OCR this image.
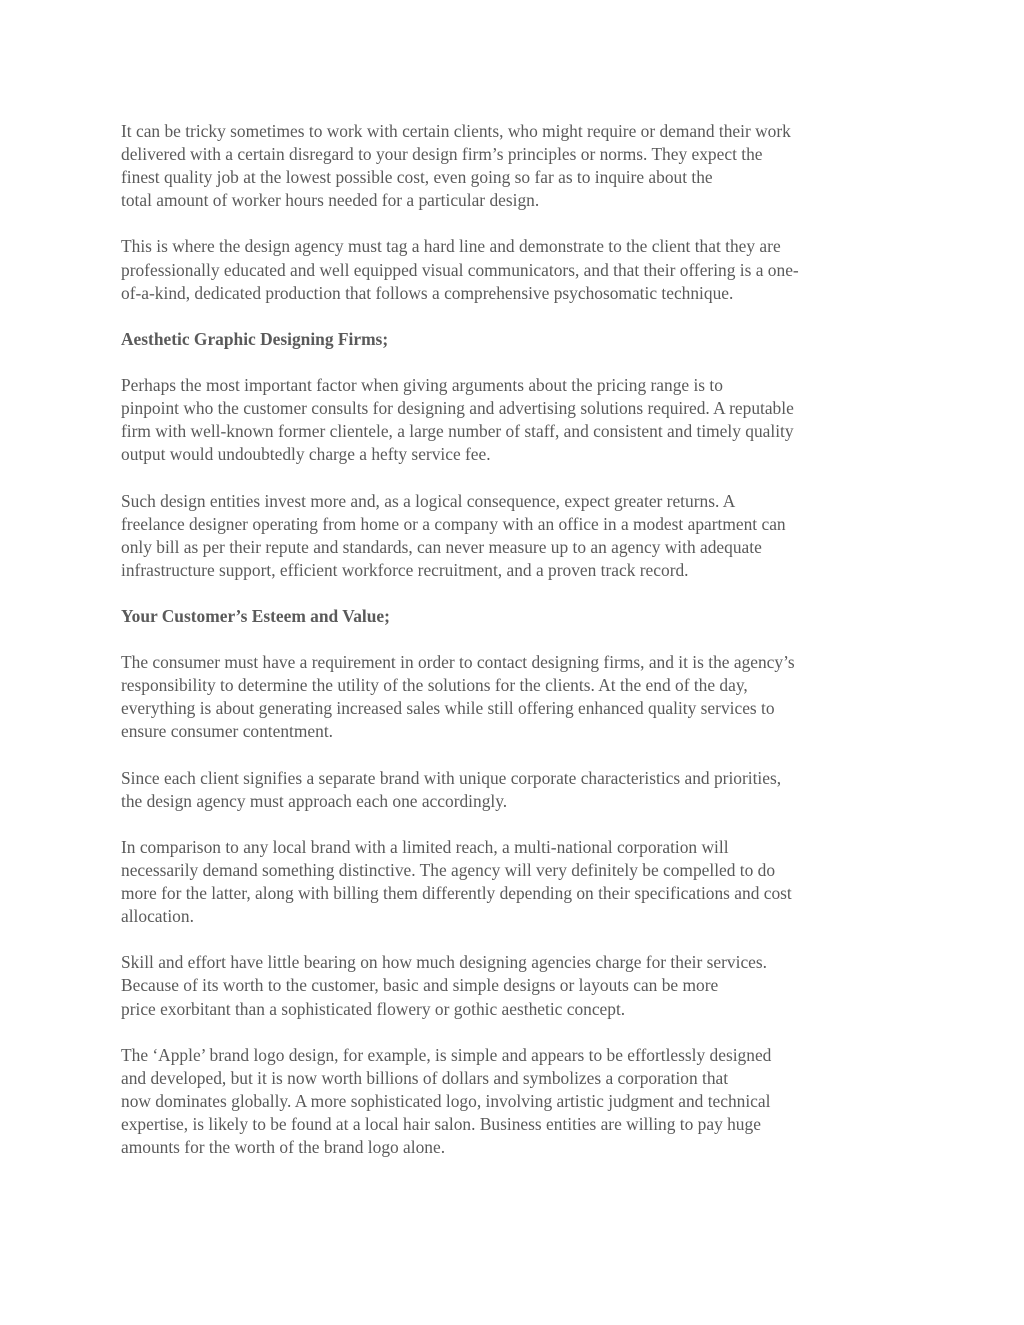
It can be tricky sometimes to work with certain clients, who might require or demand their work
delivered with a certain disregard to your design firm’s principles or norms. They expect the
finest quality job at the lowest possible cost, even going so far as to inquire about the
total amount of worker hours needed for a particular design.

This is where the design agency must tag a hard line and demonstrate to the client that they are
professionally educated and well equipped visual communicators, and that their offering is a one-
of-a-kind, dedicated production that follows a comprehensive psychosomatic technique.

Aesthetic Graphic Designing Firms;

Perhaps the most important factor when giving arguments about the pricing range is to
pinpoint who the customer consults for designing and advertising solutions required. A reputable
firm with well-known former clientele, a large number of staff, and consistent and timely quality
output would undoubtedly charge a hefty service fee.

Such design entities invest more and, as a logical consequence, expect greater returns. A
freelance designer operating from home or a company with an office in a modest apartment can
only bill as per their repute and standards, can never measure up to an agency with adequate
infrastructure support, efficient workforce recruitment, and a proven track record.

Your Customer’s Esteem and Value;

The consumer must have a requirement in order to contact designing firms, and it is the agency’s
responsibility to determine the utility of the solutions for the clients. At the end of the day,
everything is about generating increased sales while still offering enhanced quality services to
ensure consumer contentment.

Since each client signifies a separate brand with unique corporate characteristics and priorities,
the design agency must approach each one accordingly.

In comparison to any local brand with a limited reach, a multi-national corporation will
necessarily demand something distinctive. The agency will very definitely be compelled to do
more for the latter, along with billing them differently depending on their specifications and cost
allocation.

Skill and effort have little bearing on how much designing agencies charge for their services.
Because of its worth to the customer, basic and simple designs or layouts can be more
price exorbitant than a sophisticated flowery or gothic aesthetic concept.

The ‘Apple’ brand logo design, for example, is simple and appears to be effortlessly designed
and developed, but it is now worth billions of dollars and symbolizes a corporation that
now dominates globally. A more sophisticated logo, involving artistic judgment and technical
expertise, is likely to be found at a local hair salon. Business entities are willing to pay huge
amounts for the worth of the brand logo alone.
